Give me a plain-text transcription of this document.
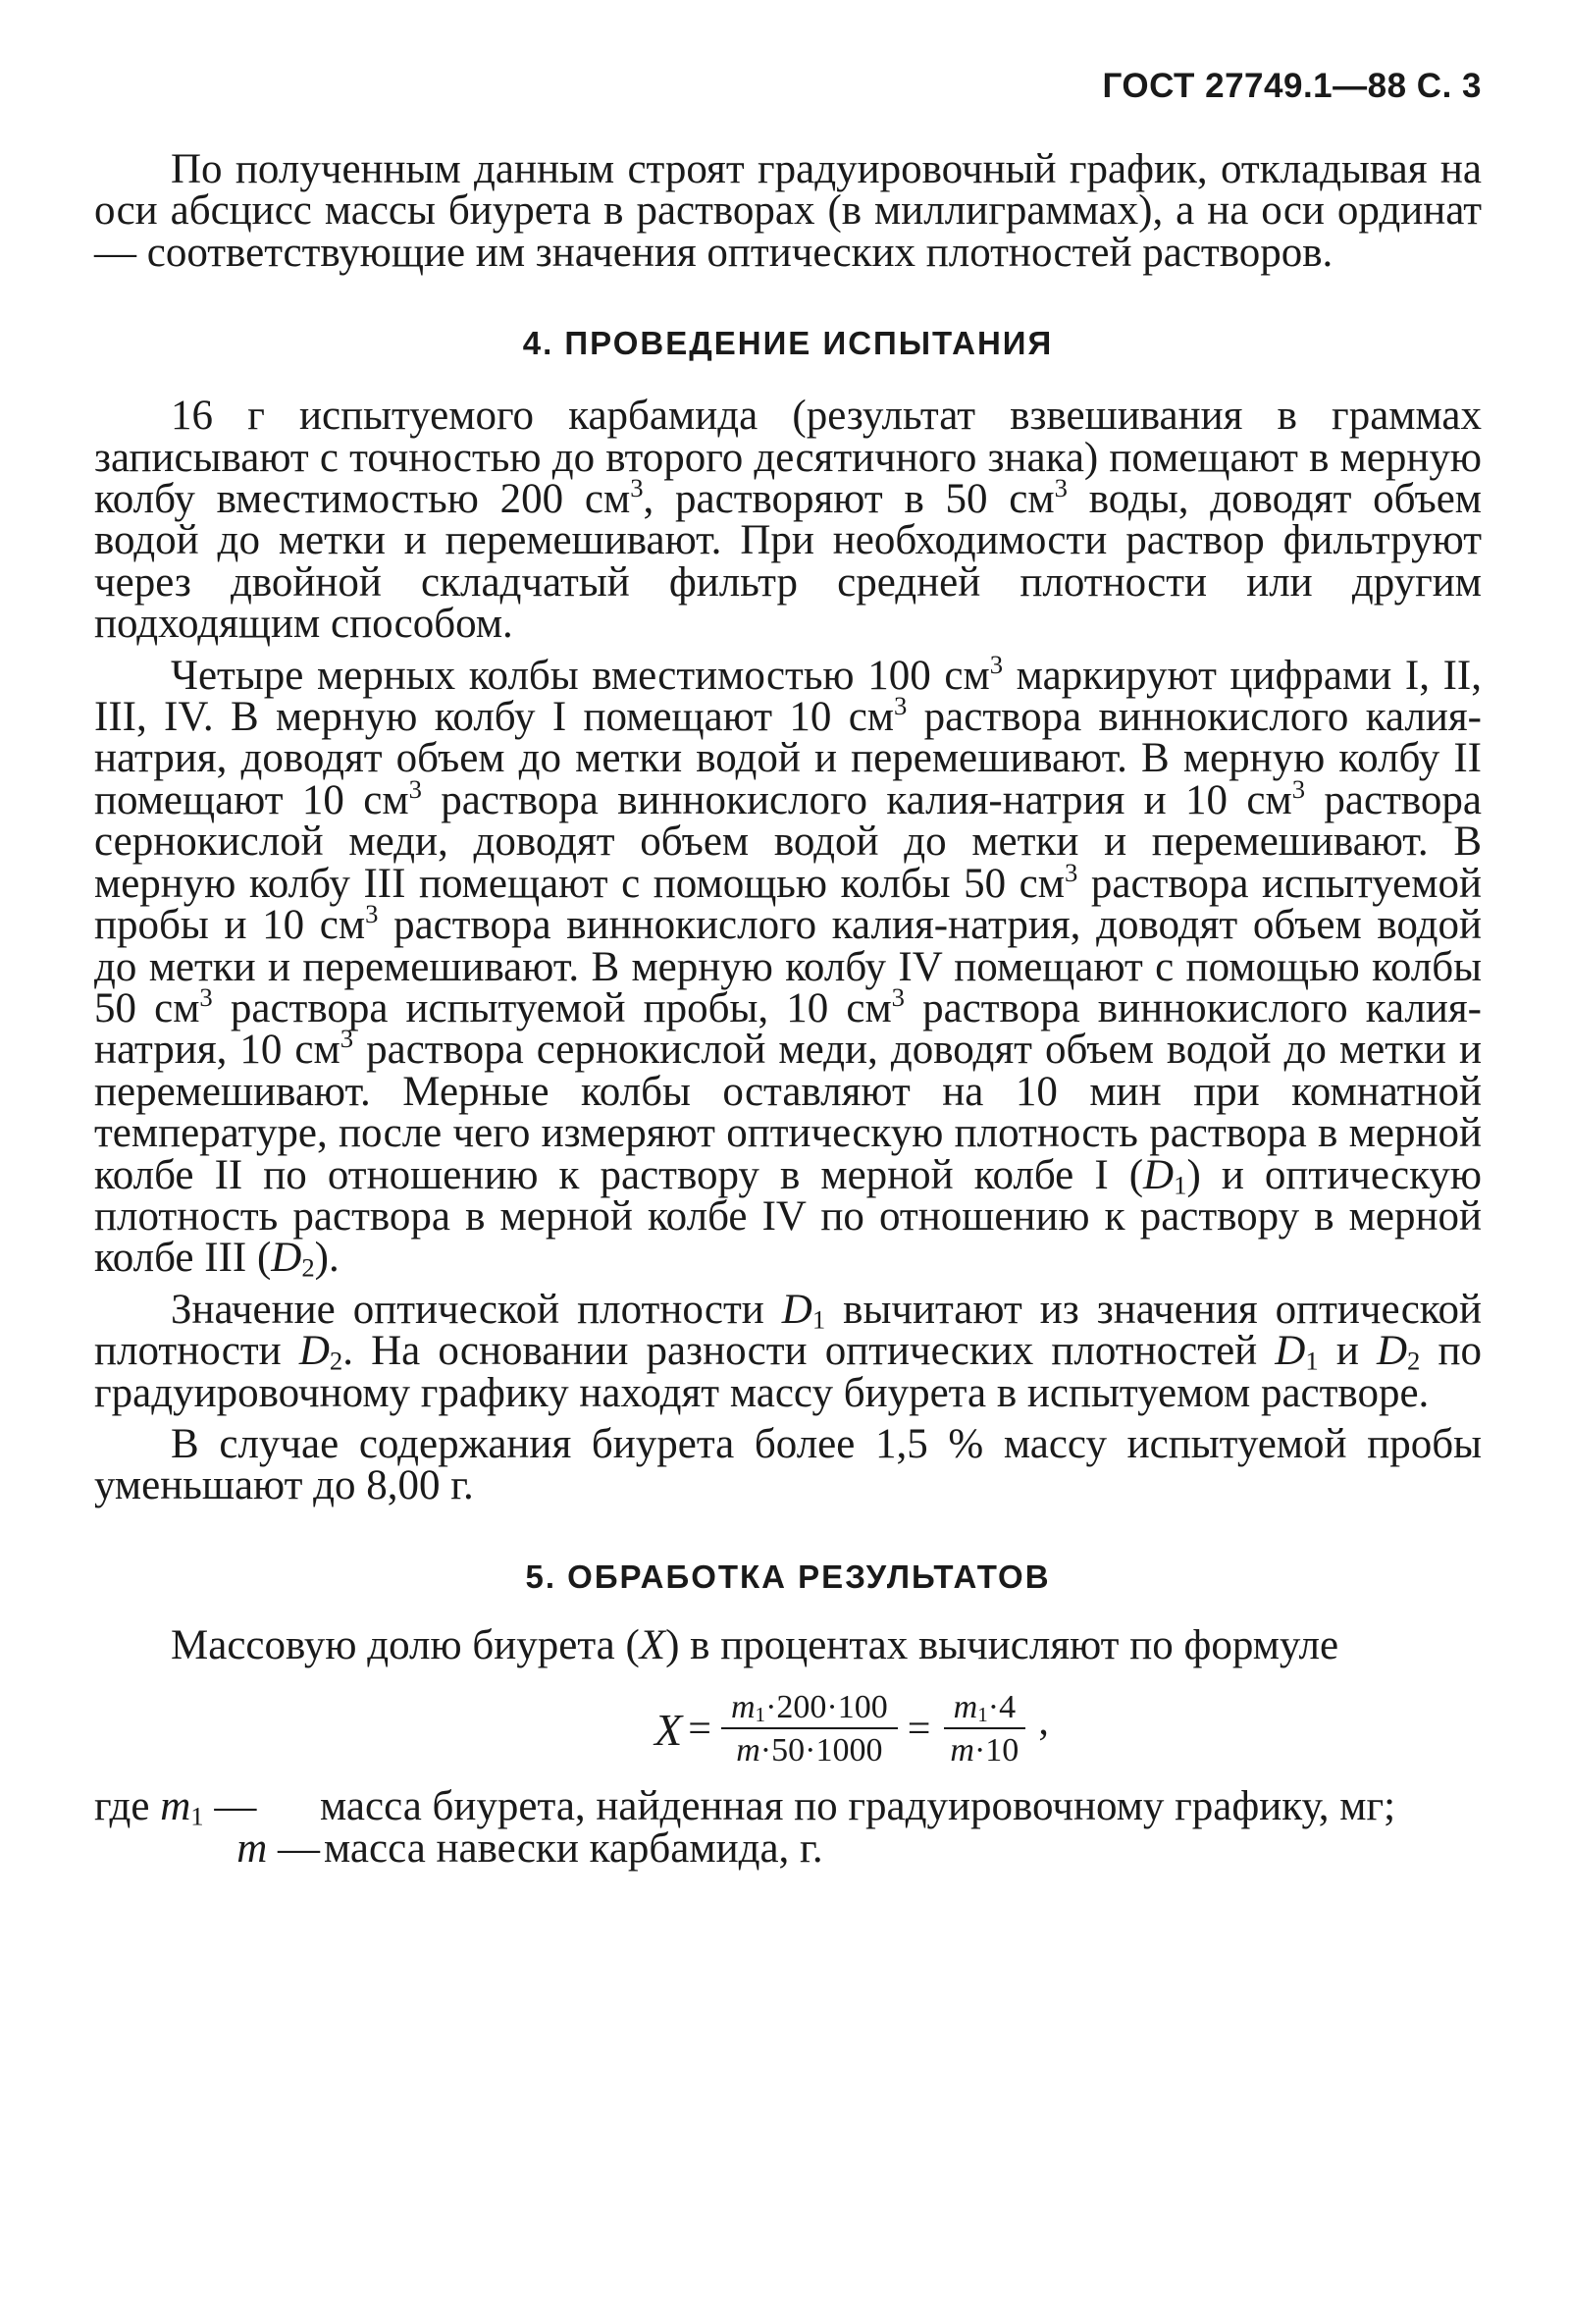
ГОСТ 27749.1—88 С. 3

По полученным данным строят градуировочный график, откладывая на оси абсцисс массы биурета в растворах (в миллиграммах), а на оси ординат — соответствующие им значения оптических плотностей растворов.

4. ПРОВЕДЕНИЕ ИСПЫТАНИЯ

16 г испытуемого карбамида (результат взвешивания в граммах записывают с точностью до второго десятичного знака) помещают в мерную колбу вместимостью 200 $см^3$, растворяют в 50 $см^3$ воды, доводят объем водой до метки и перемешивают. При необходимости раствор фильтруют через двойной складчатый фильтр средней плотности или другим подходящим способом.

Четыре мерных колбы вместимостью 100 $см^3$ маркируют цифрами I, II, III, IV. В мерную колбу I помещают 10 $см^3$ раствора виннокислого калия-натрия, доводят объем до метки водой и перемешивают. В мерную колбу II помещают 10 $см^3$ раствора виннокислого калия-натрия и 10 $см^3$ раствора сернокислой меди, доводят объем водой до метки и перемешивают. В мерную колбу III помещают с помощью колбы 50 $см^3$ раствора испытуемой пробы и 10 $см^3$ раствора виннокислого калия-натрия, доводят объем водой до метки и перемешивают. В мерную колбу IV помещают с помощью колбы 50 $см^3$ раствора испытуемой пробы, 10 $см^3$ раствора виннокислого калия-натрия, 10 $см^3$ раствора сернокислой меди, доводят объем водой до метки и перемешивают. Мерные колбы оставляют на 10 мин при комнатной температуре, после чего измеряют оптическую плотность раствора в мерной колбе II по отношению к раствору в мерной колбе I $(D_1)$ и оптическую плотность раствора в мерной колбе IV по отношению к раствору в мерной колбе III $(D_2)$.

Значение оптической плотности $D_1$ вычитают из значения оптической плотности $D_2$. На основании разности оптических плотностей $D_1$ и $D_2$ по градуировочному графику находят массу биурета в испытуемом растворе.

В случае содержания биурета более 1,5 % массу испытуемой пробы уменьшают до 8,00 г.

5. ОБРАБОТКА РЕЗУЛЬТАТОВ

Массовую долю биурета (X) в процентах вычисляют по формуле

$X = \frac{m_1\cdot 200\cdot 100}{m\cdot 50\cdot 1000} = \frac{m_1\cdot 4}{m\cdot 10}$ ,
где $m_1$ —	масса биурета, найденная по градуировочному графику, мг;
m — масса навески карбамида, г.
